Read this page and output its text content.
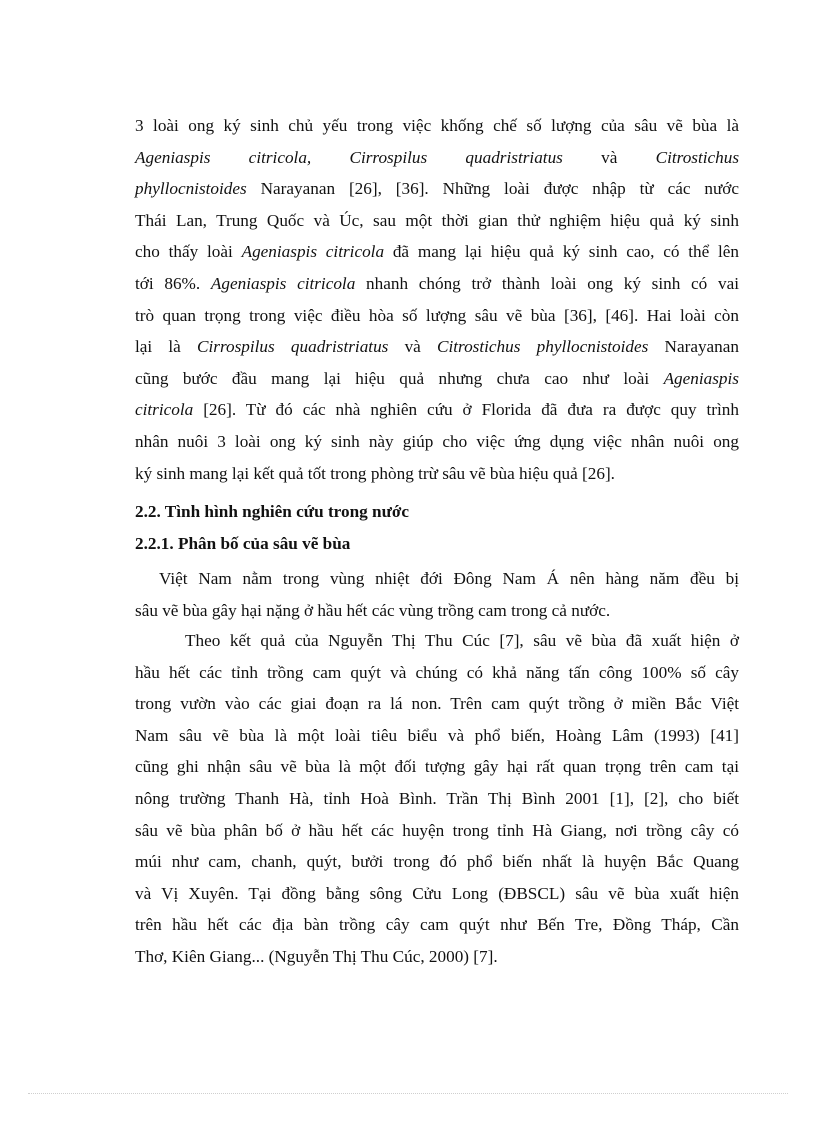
3 loài ong ký sinh chủ yếu trong việc khống chế số lượng của sâu vẽ bùa là
Ageniaspis citricola, Cirrospilus quadristriatus và Citrostichus
phyllocnistoides Narayanan [26], [36]. Những loài được nhập từ các nước
Thái Lan, Trung Quốc và Úc, sau một thời gian thử nghiệm hiệu quả ký sinh
cho thấy loài Ageniaspis citricola đã mang lại hiệu quả ký sinh cao, có thể lên
tới 86%. Ageniaspis citricola nhanh chóng trở thành loài ong ký sinh có vai
trò quan trọng trong việc điều hòa số lượng sâu vẽ bùa [36], [46]. Hai loài còn
lại là Cirrospilus quadristriatus và Citrostichus phyllocnistoides Narayanan
cũng bước đầu mang lại hiệu quả nhưng chưa cao như loài Ageniaspis
citricola [26]. Từ đó các nhà nghiên cứu ở Florida đã đưa ra được quy trình
nhân nuôi 3 loài ong ký sinh này giúp cho việc ứng dụng việc nhân nuôi ong
ký sinh mang lại kết quả tốt trong phòng trừ sâu vẽ bùa hiệu quả [26].
2.2. Tình hình nghiên cứu trong nước
2.2.1. Phân bố của sâu vẽ bùa
Việt Nam nằm trong vùng nhiệt đới Đông Nam Á nên hàng năm đều bị
sâu vẽ bùa gây hại nặng ở hầu hết các vùng trồng cam trong cả nước.
Theo kết quả của Nguyễn Thị Thu Cúc [7], sâu vẽ bùa đã xuất hiện ở
hầu hết các tỉnh trồng cam quýt và chúng có khả năng tấn công 100% số cây
trong vườn vào các giai đoạn ra lá non. Trên cam quýt trồng ở miền Bắc Việt
Nam sâu vẽ bùa là một loài tiêu biểu và phổ biến, Hoàng Lâm (1993) [41]
cũng ghi nhận sâu vẽ bùa là một đối tượng gây hại rất quan trọng trên cam tại
nông trường Thanh Hà, tỉnh Hoà Bình. Trần Thị Bình 2001 [1], [2], cho biết
sâu vẽ bùa phân bố ở hầu hết các huyện trong tỉnh Hà Giang, nơi trồng cây có
múi như cam, chanh, quýt, bưởi trong đó phổ biến nhất là huyện Bắc Quang
và Vị Xuyên. Tại đồng bằng sông Cửu Long (ĐBSCL) sâu vẽ bùa xuất hiện
trên hầu hết các địa bàn trồng cây cam quýt như Bến Tre, Đồng Tháp, Cần
Thơ, Kiên Giang... (Nguyễn Thị Thu Cúc, 2000) [7].
